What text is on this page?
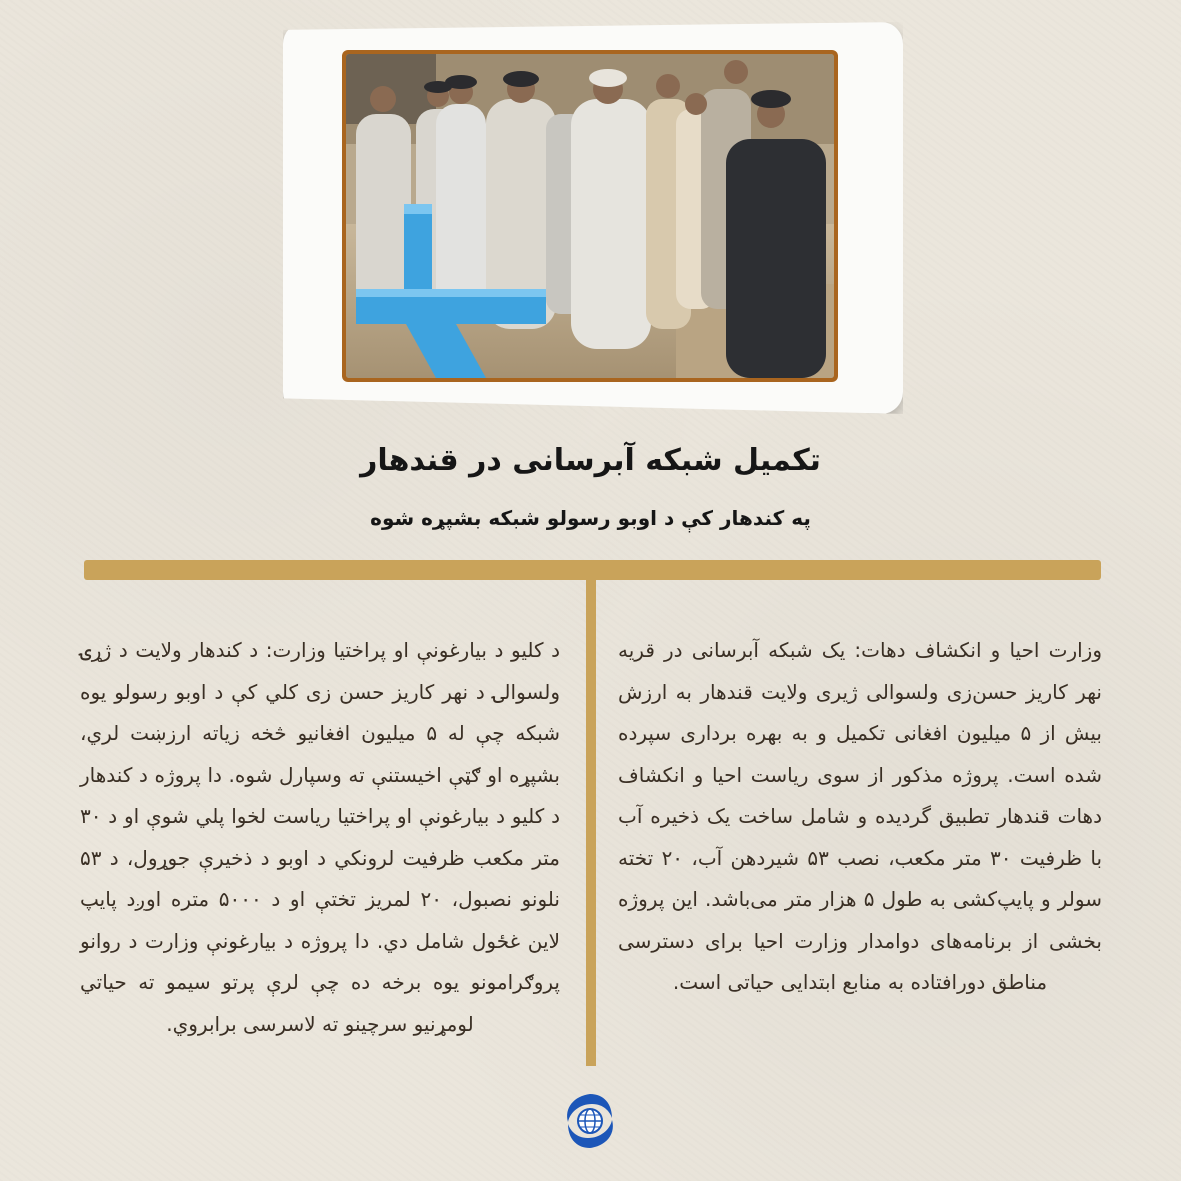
تکمیل شبکه آبرسانی در قندهار
په کندهار کې د اوبو رسولو شبکه بشپړه شوه

وزارت احیا و انکشاف دهات: یک شبکه آبرسانی در قریه نهر کاریز حسن‌زی ولسوالی ژیری ولایت قندهار به ارزش بیش از ۵ میلیون افغانی تکمیل و به بهره برداری سپرده شده است. پروژه مذکور از سوی ریاست احیا و انکشاف دهات قندهار تطبیق گردیده و شامل ساخت یک ذخیره آب با ظرفیت ۳۰ متر مکعب، نصب ۵۳ شیردهن آب، ۲۰ تخته سولر و پایپ‌کشی به طول ۵ هزار متر می‌باشد. این پروژه بخشی از برنامه‌های دوامدار وزارت احیا برای دسترسی مناطق دورافتاده به منابع ابتدایی حیاتی است.

د کلیو د بیارغونې او پراختیا وزارت: د کندهار ولایت د ژړۍ ولسوالۍ د نهر کاریز حسن زی کلي کې د اوبو رسولو یوه شبکه چې له ۵ میلیون افغانیو څخه زیاته ارزښت لري، بشپړه او ګټې اخیستنې ته وسپارل شوه. دا پروژه د کندهار د کلیو د بیارغونې او پراختیا ریاست لخوا پلي شوې او د ۳۰ متر مکعب ظرفیت لرونکي د اوبو د ذخیرې جوړول، د ۵۳ نلونو نصبول، ۲۰ لمریز تختې او د ۵۰۰۰ متره اوږد پایپ لاین غځول شامل دي. دا پروژه د بیارغونې وزارت د روانو پروګرامونو یوه برخه ده چې لرې پرتو سیمو ته حیاتي لومړنیو سرچینو ته لاسرسی برابروي.
